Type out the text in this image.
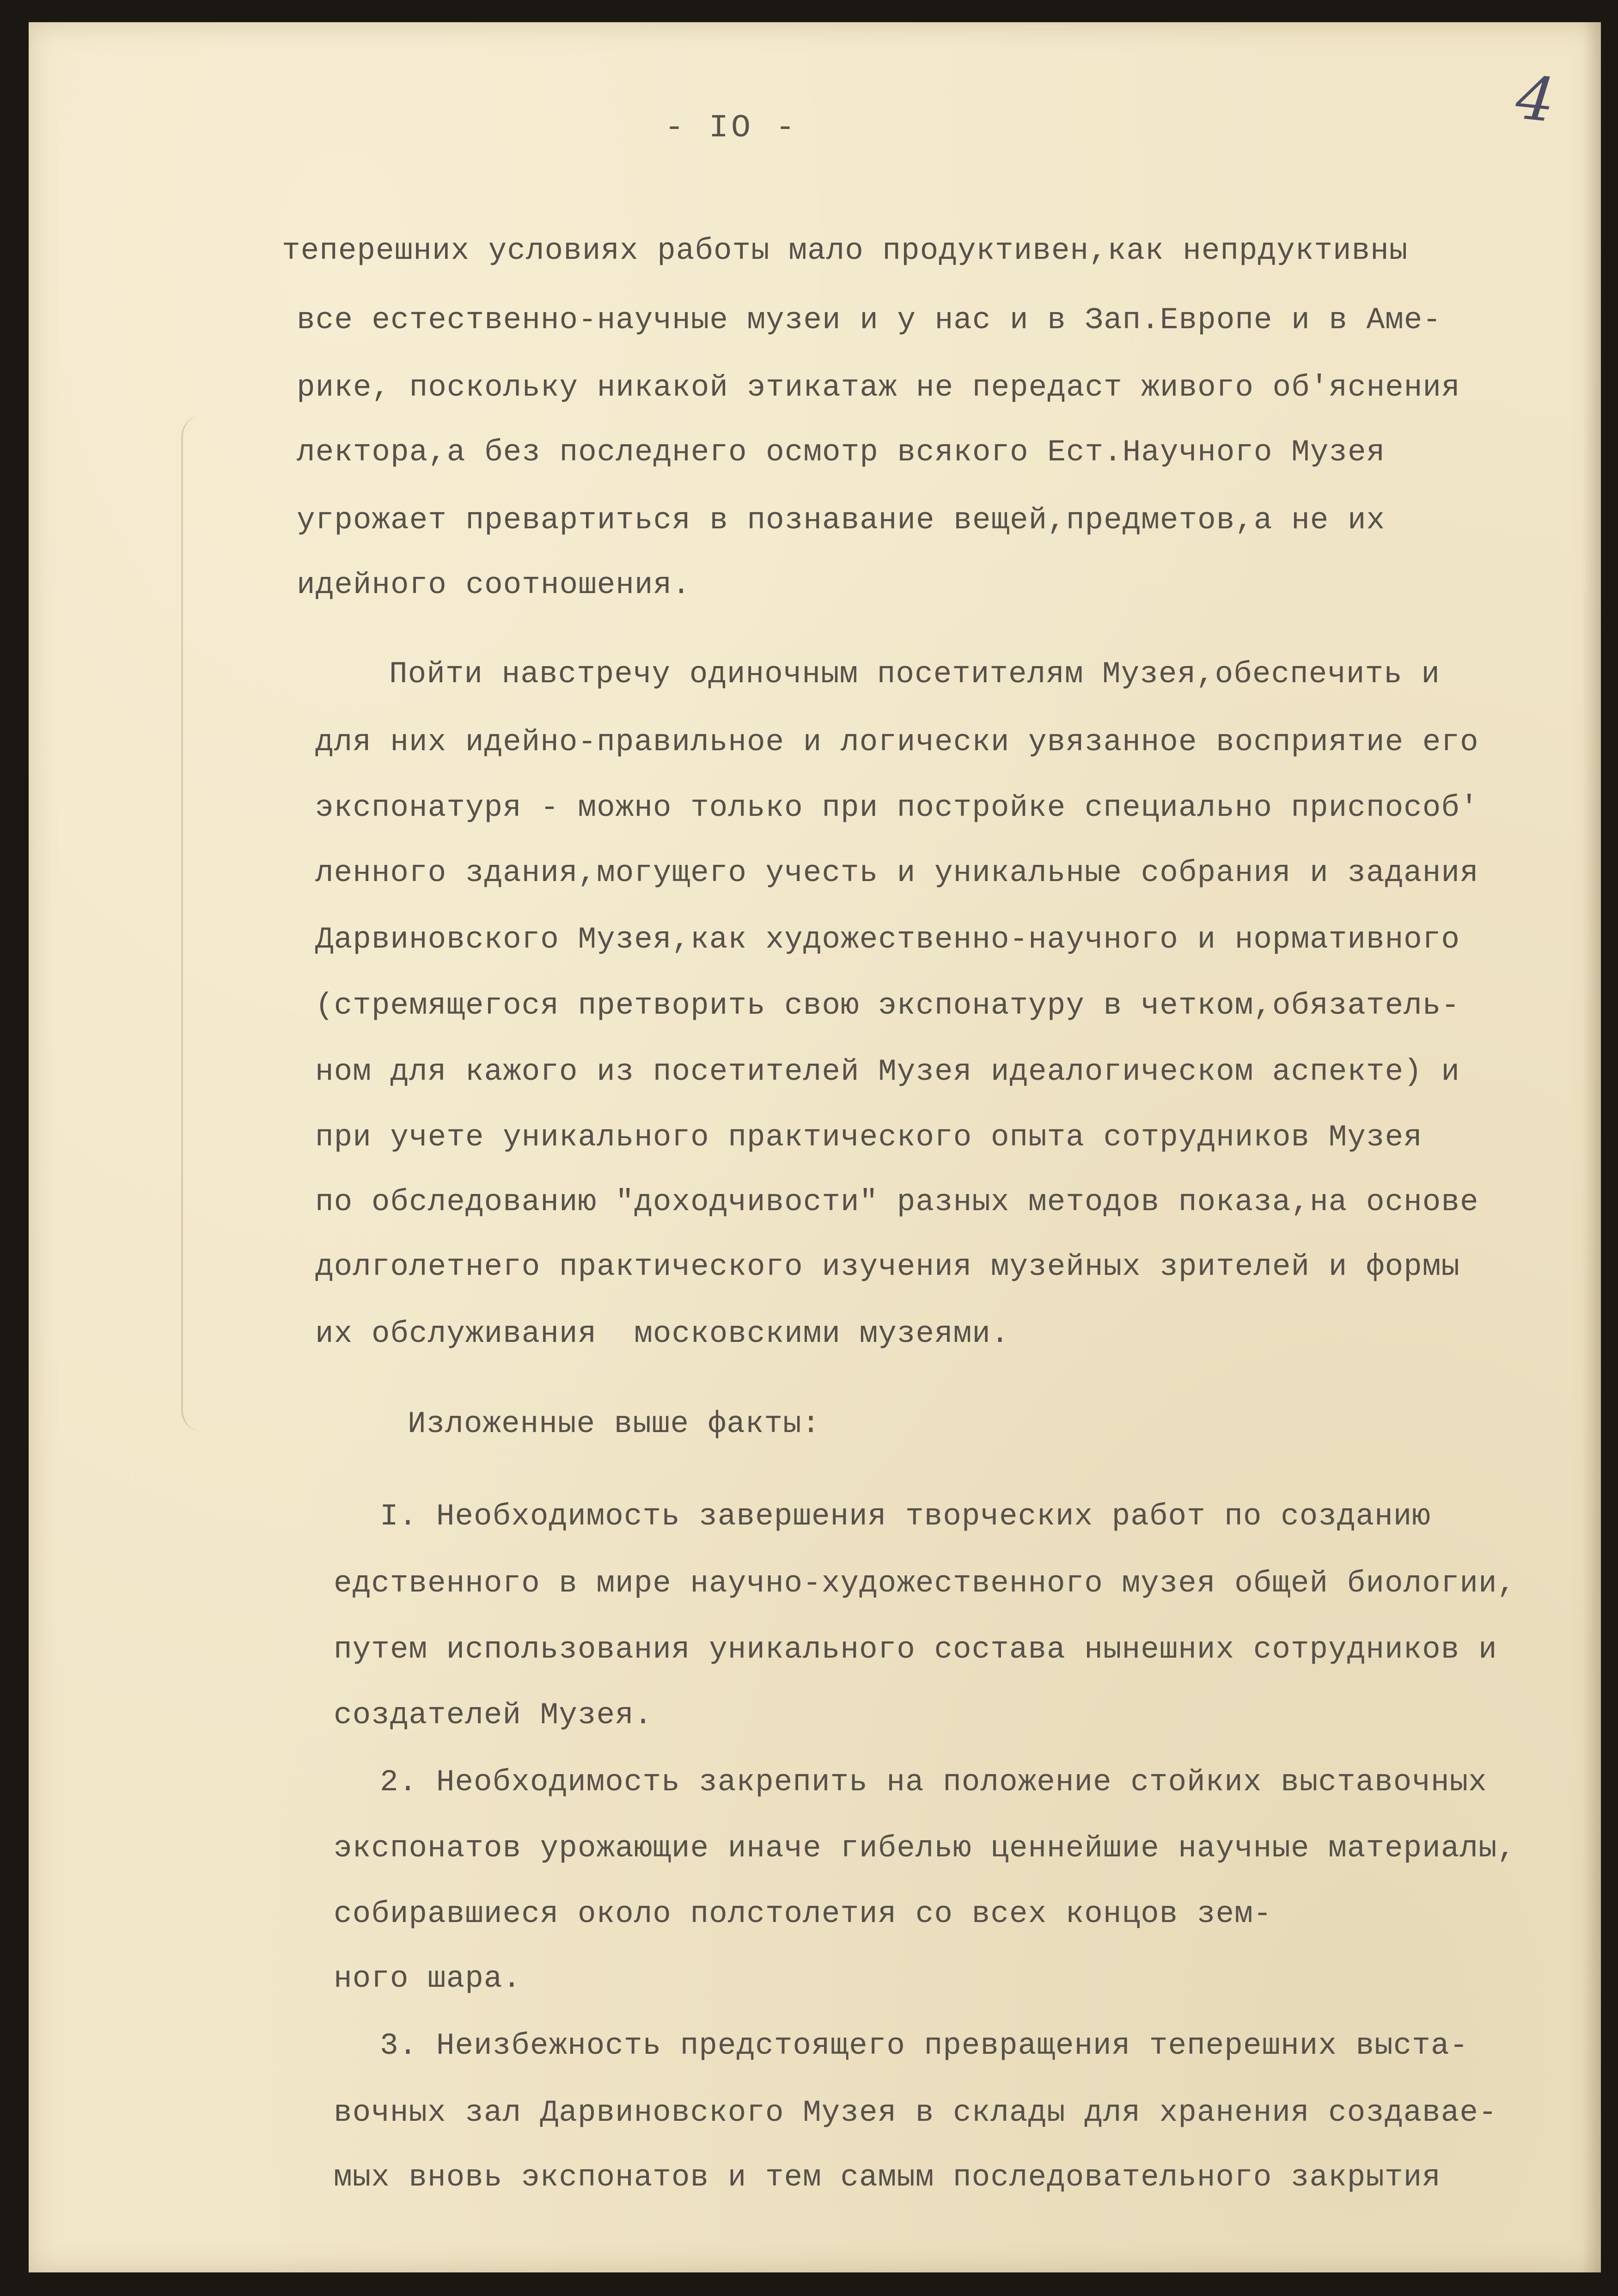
- IO -	4
теперешних условиях работы мало продуктивен,как непрдуктивны
все естественно-научные музеи и у нас и в Зап.Европе и в Аме-
рике, поскольку никакой этикатаж не передаст живого об'яснения
лектора,а без последнего осмотр всякого Ест.Научного Музея
угрожает превартиться в познавание вещей,предметов,а не их
идейного соотношения.
Пойти навстречу одиночным посетителям Музея,обеспечить и
для них идейно-правильное и логически увязанное восприятие его
экспонатуря - можно только при постройке специально приспособ'
ленного здания,могущего учесть и уникальные собрания и задания
Дарвиновского Музея,как художественно-научного и нормативного
(стремящегося претворить свою экспонатуру в четком,обязатель-
ном для кажого из посетителей Музея идеалогическом аспекте) и
при учете уникального практического опыта сотрудников Музея
по обследованию "доходчивости" разных методов показа,на основе
долголетнего практического изучения музейных зрителей и формы
их обслуживания  московскими музеями.
Изложенные выше факты:
I. Необходимость завершения творческих работ по созданию
едственного в мире научно-художественного музея общей биологии,
путем использования уникального состава нынешних сотрудников и
создателей Музея.
2. Необходимость закрепить на положение стойких выставочных
экспонатов урожающие иначе гибелью ценнейшие научные материалы,
собиравшиеся около полстолетия со всех концов зем-
ного шара.
3. Неизбежность предстоящего превращения теперешних выста-
вочных зал Дарвиновского Музея в склады для хранения создавае-
мых вновь экспонатов и тем самым последовательного закрытия
